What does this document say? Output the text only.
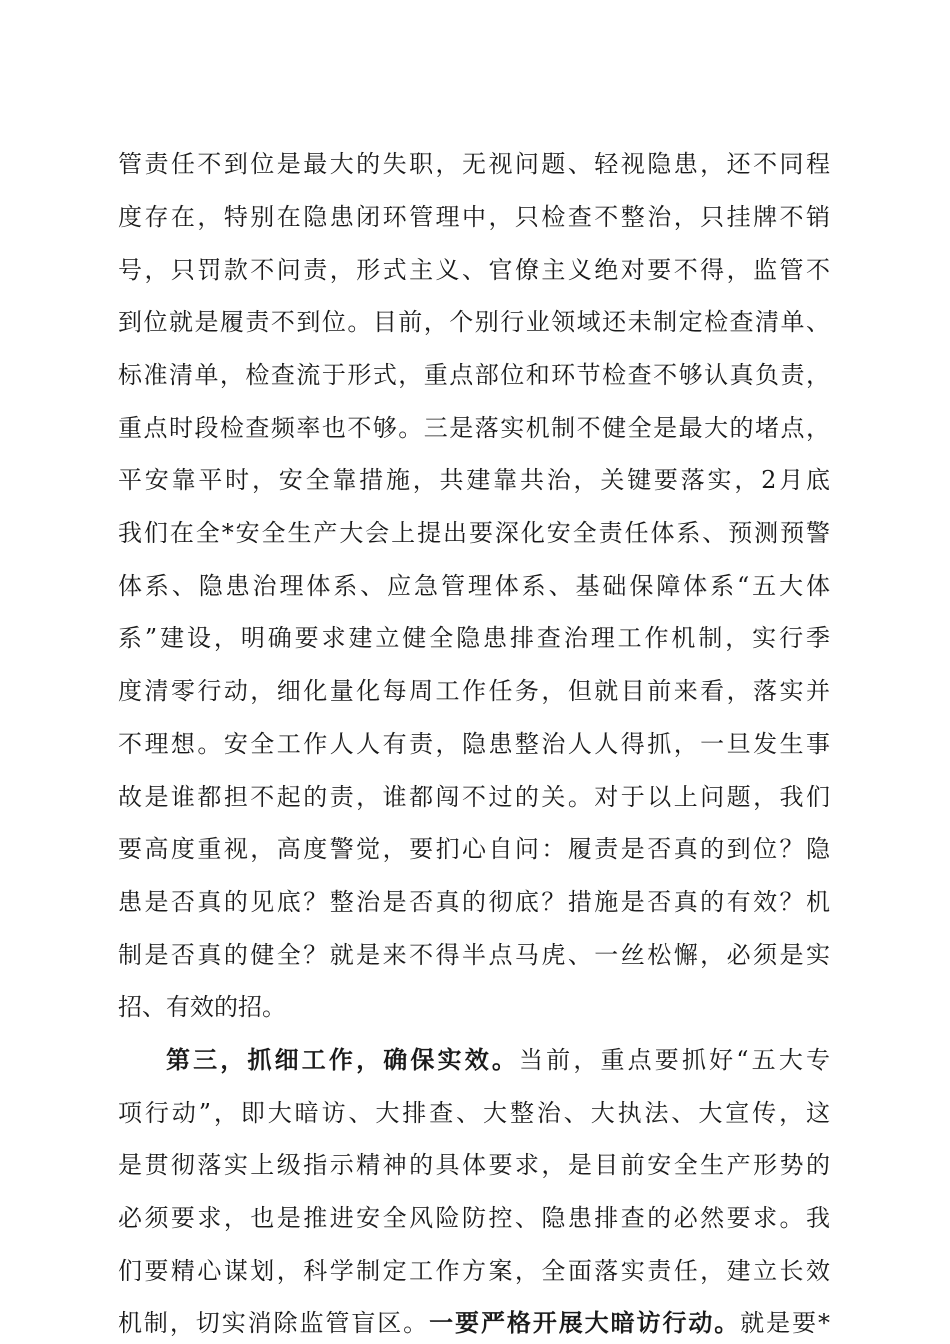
管责任不到位是最大的失职，无视问题、轻视隐患，还不同程
度存在，特别在隐患闭环管理中，只检查不整治，只挂牌不销
号，只罚款不问责，形式主义、官僚主义绝对要不得，监管不
到位就是履责不到位。目前，个别行业领域还未制定检查清单、
标准清单，检查流于形式，重点部位和环节检查不够认真负责，
重点时段检查频率也不够。三是落实机制不健全是最大的堵点，
平安靠平时，安全靠措施，共建靠共治，关键要落实，2月底
我们在全*安全生产大会上提出要深化安全责任体系、预测预警
体系、隐患治理体系、应急管理体系、基础保障体系“五大体
系”建设，明确要求建立健全隐患排查治理工作机制，实行季
度清零行动，细化量化每周工作任务，但就目前来看，落实并
不理想。安全工作人人有责，隐患整治人人得抓，一旦发生事
故是谁都担不起的责，谁都闯不过的关。对于以上问题，我们
要高度重视，高度警觉，要扪心自问：履责是否真的到位？隐
患是否真的见底？整治是否真的彻底？措施是否真的有效？机
制是否真的健全？就是来不得半点马虎、一丝松懈，必须是实
招、有效的招。
第三，抓细工作，确保实效。当前，重点要抓好“五大专
项行动”，即大暗访、大排查、大整治、大执法、大宣传，这
是贯彻落实上级指示精神的具体要求，是目前安全生产形势的
必须要求，也是推进安全风险防控、隐患排查的必然要求。我
们要精心谋划，科学制定工作方案，全面落实责任，建立长效
机制，切实消除监管盲区。一要严格开展大暗访行动。就是要*
